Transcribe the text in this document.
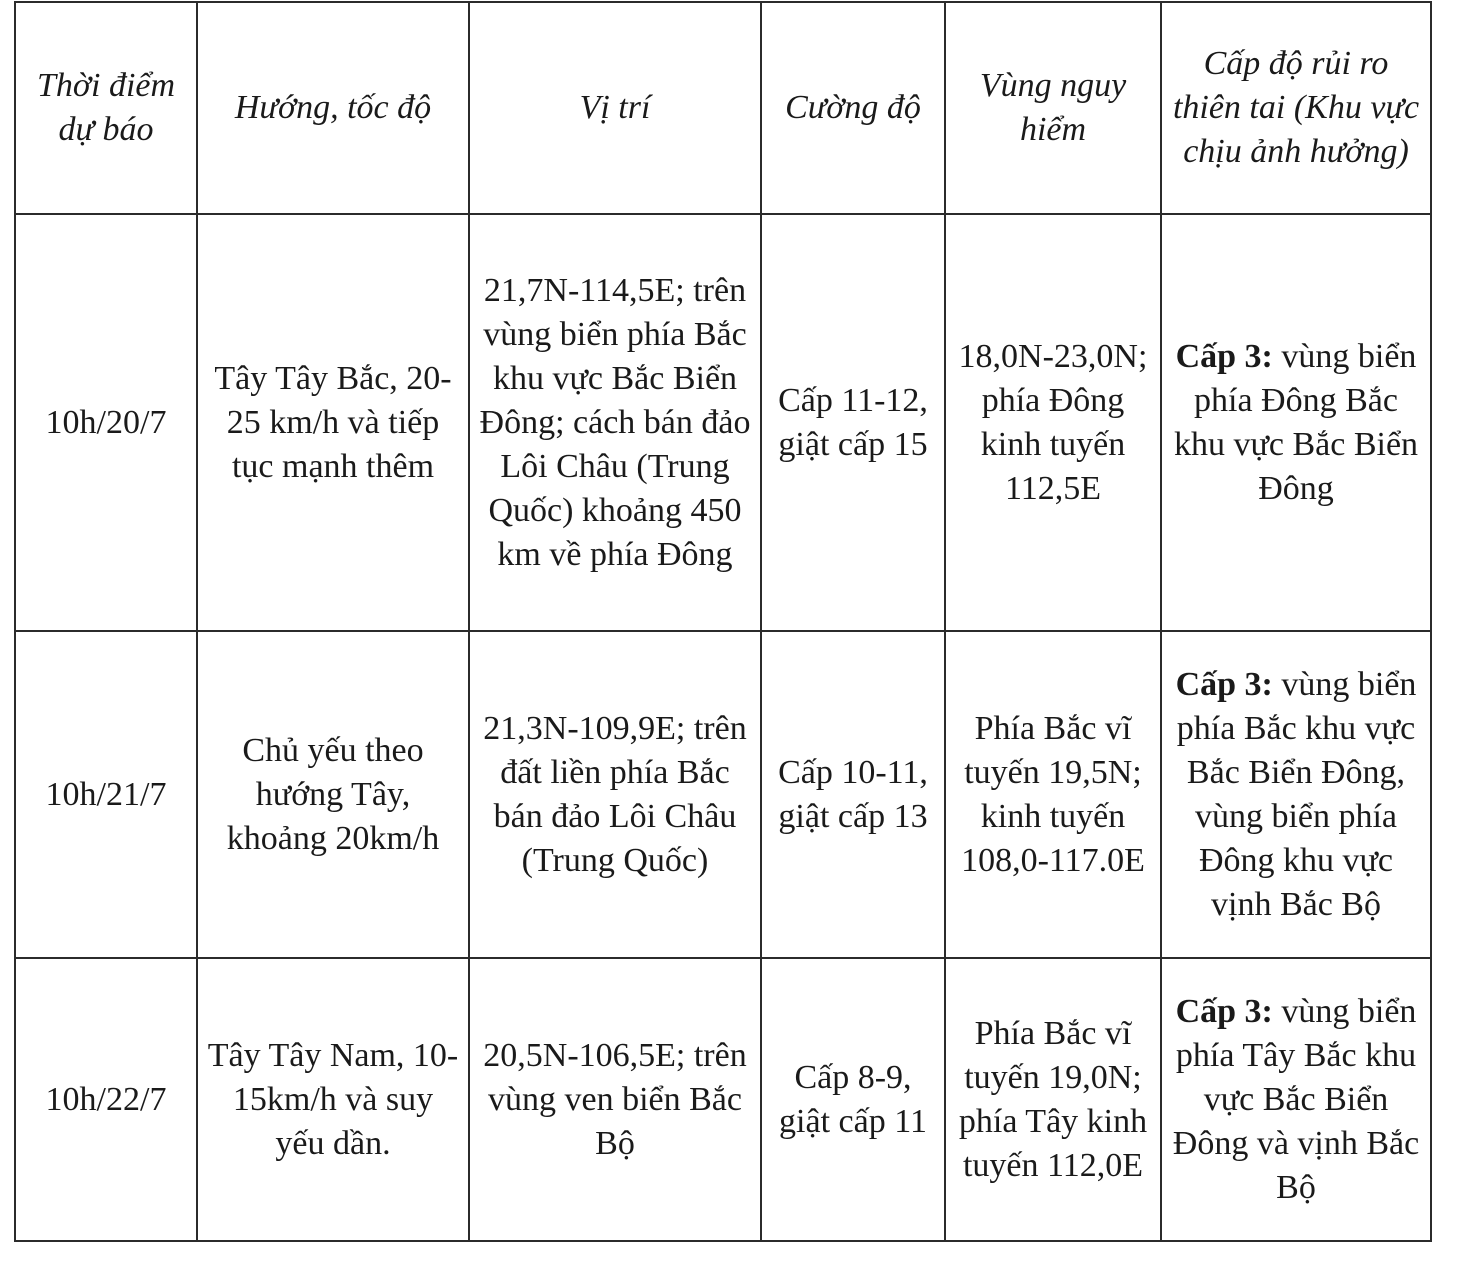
Thời điểm dự báo	Hướng, tốc độ	Vị trí	Cường độ	Vùng nguy hiểm	Cấp độ rủi ro thiên tai (Khu vực chịu ảnh hưởng)
10h/20/7	Tây Tây Bắc, 20-25 km/h và tiếp tục mạnh thêm	21,7N-114,5E; trên vùng biển phía Bắc khu vực Bắc Biển Đông; cách bán đảo Lôi Châu (Trung Quốc) khoảng 450 km về phía Đông	Cấp 11-12, giật cấp 15	18,0N-23,0N; phía Đông kinh tuyến 112,5E	Cấp 3: vùng biển phía Đông Bắc khu vực Bắc Biển Đông
10h/21/7	Chủ yếu theo hướng Tây, khoảng 20km/h	21,3N-109,9E; trên đất liền phía Bắc bán đảo Lôi Châu (Trung Quốc)	Cấp 10-11, giật cấp 13	Phía Bắc vĩ tuyến 19,5N; kinh tuyến 108,0-117.0E	Cấp 3: vùng biển phía Bắc khu vực Bắc Biển Đông, vùng biển phía Đông khu vực vịnh Bắc Bộ
10h/22/7	Tây Tây Nam, 10-15km/h và suy yếu dần.	20,5N-106,5E; trên vùng ven biển Bắc Bộ	Cấp 8-9, giật cấp 11	Phía Bắc vĩ tuyến 19,0N; phía Tây kinh tuyến 112,0E	Cấp 3: vùng biển phía Tây Bắc khu vực Bắc Biển Đông và vịnh Bắc Bộ
